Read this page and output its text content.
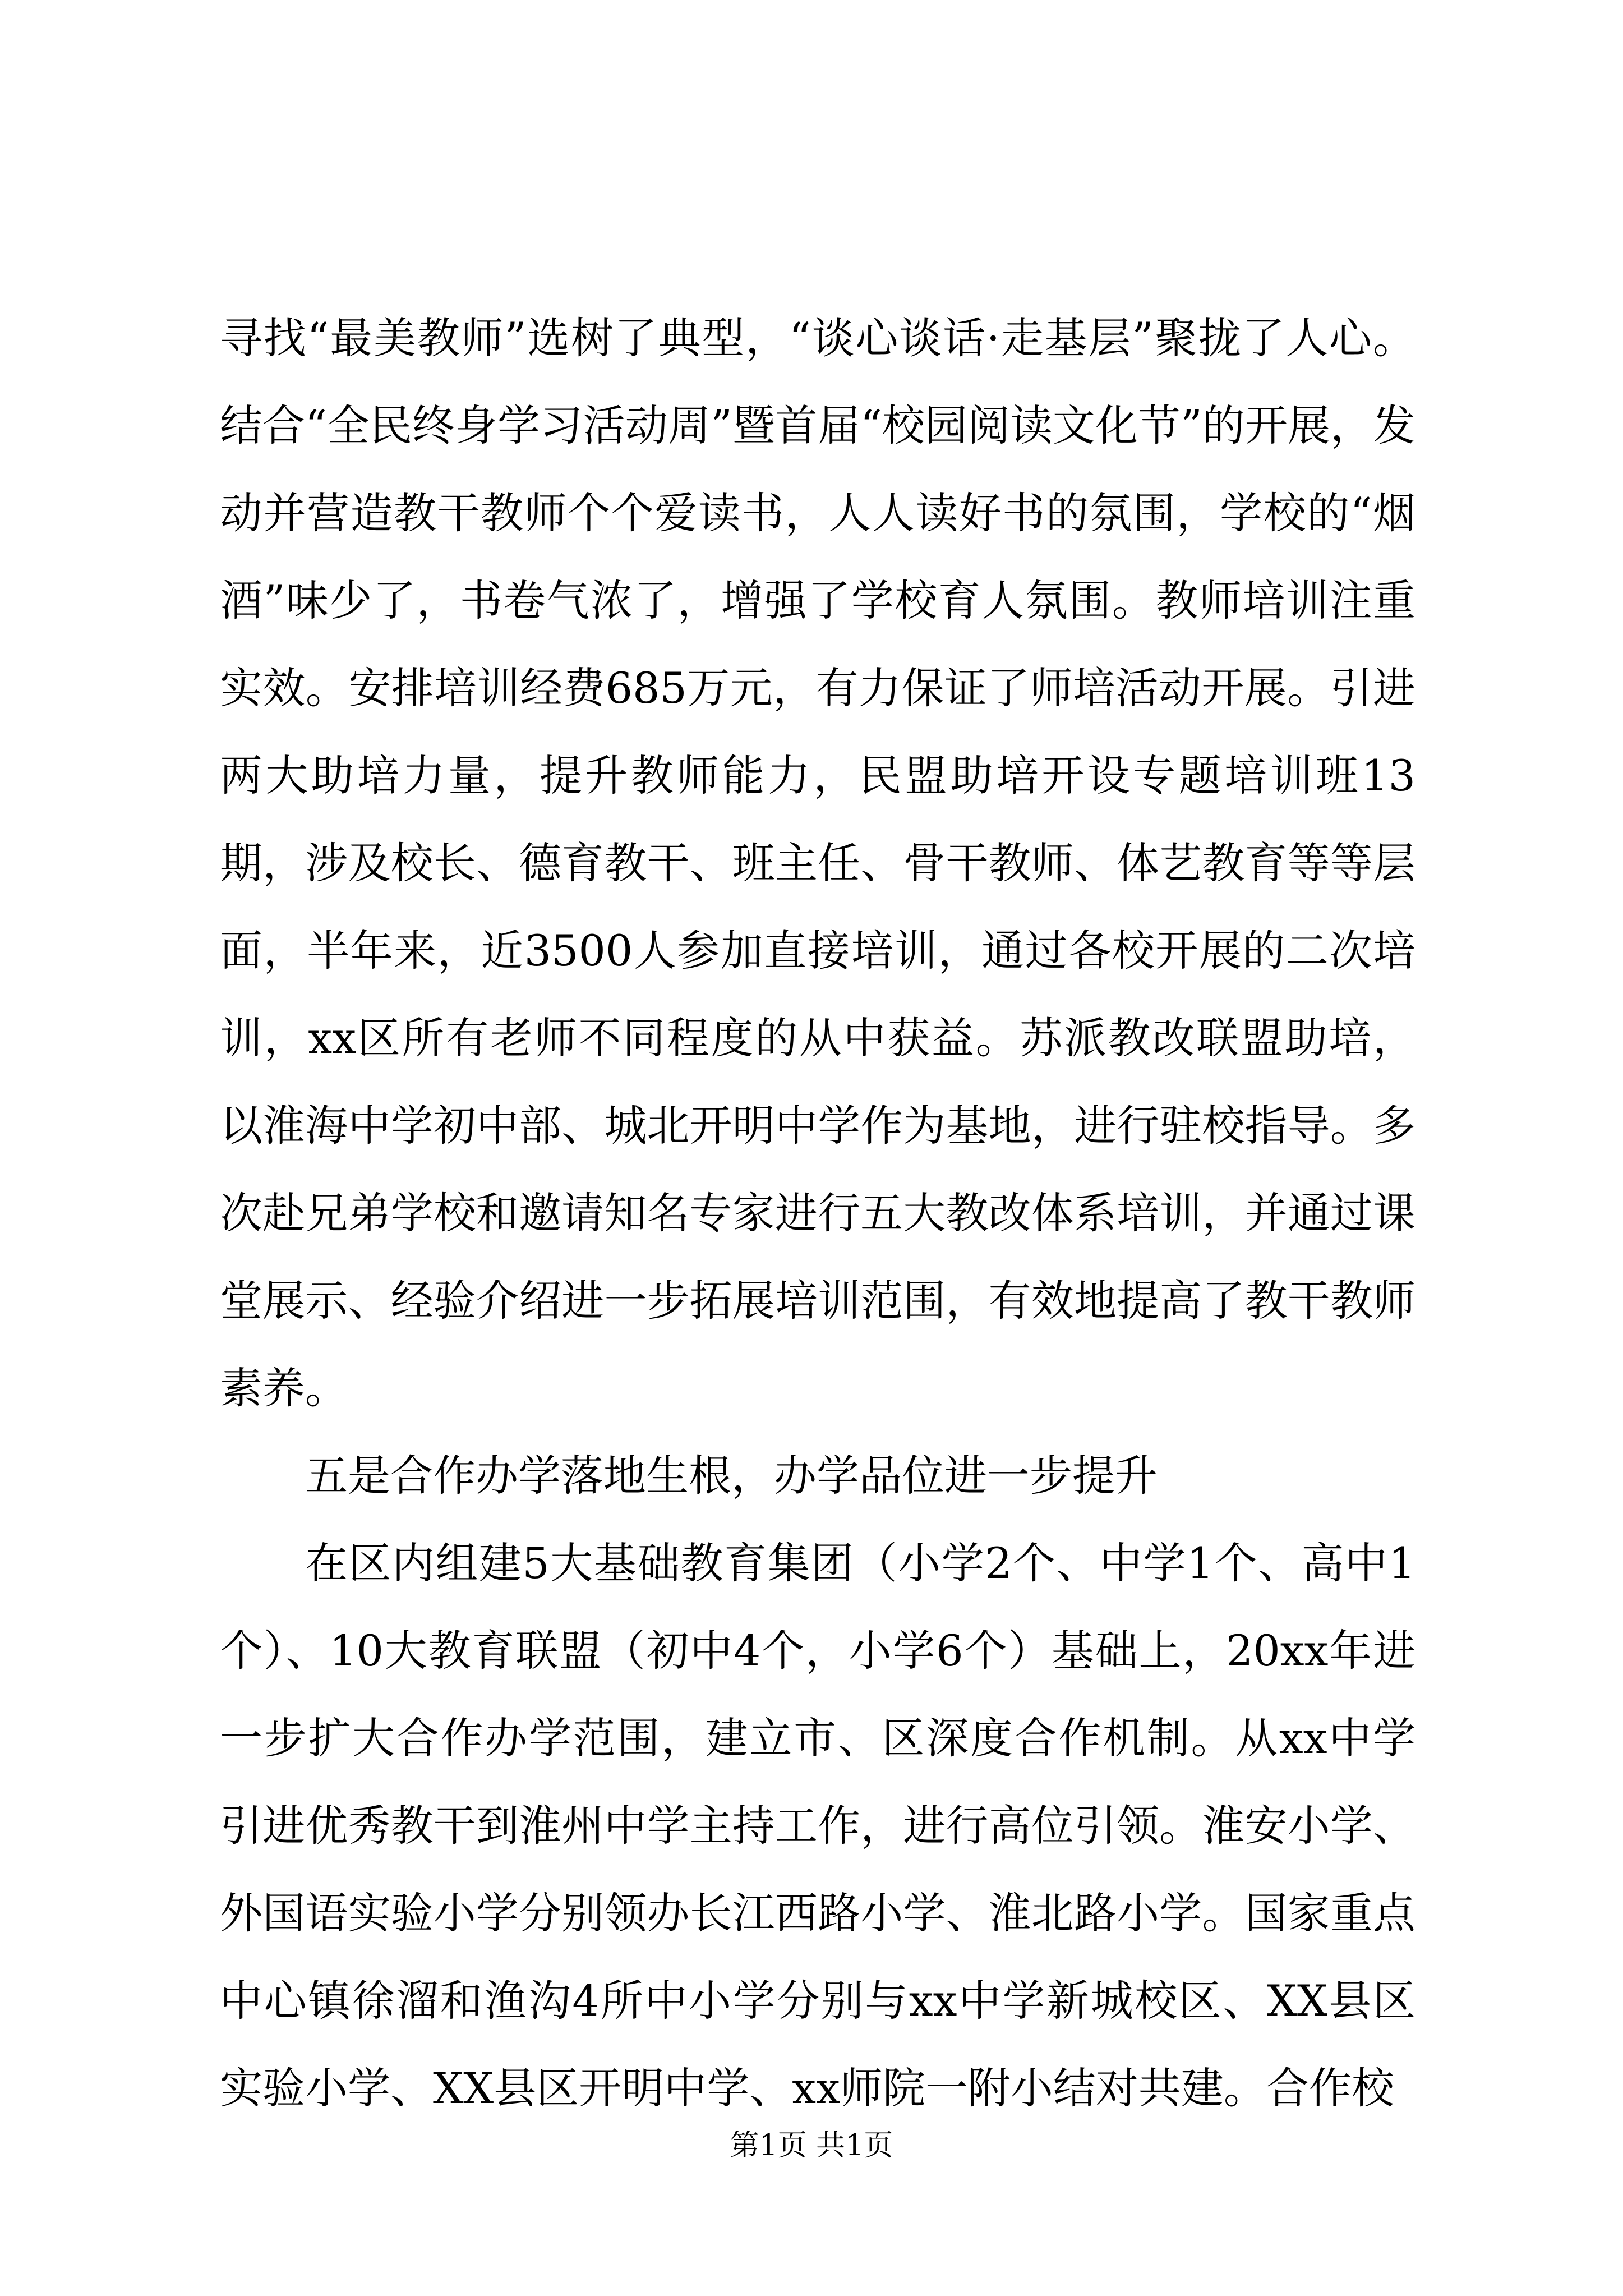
寻找“最美教师”选树了典型，“谈心谈话·走基层”聚拢了人心。结合“全民终身学习活动周”暨首届“校园阅读文化节”的开展，发动并营造教干教师个个爱读书，人人读好书的氛围，学校的“烟酒”味少了，书卷气浓了，增强了学校育人氛围。教师培训注重实效。安排培训经费685万元，有力保证了师培活动开展。引进两大助培力量，提升教师能力，民盟助培开设专题培训班13期，涉及校长、德育教干、班主任、骨干教师、体艺教育等等层面，半年来，近3500人参加直接培训，通过各校开展的二次培训，xx区所有老师不同程度的从中获益。苏派教改联盟助培，以淮海中学初中部、城北开明中学作为基地，进行驻校指导。多次赴兄弟学校和邀请知名专家进行五大教改体系培训，并通过课堂展示、经验介绍进一步拓展培训范围，有效地提高了教干教师素养。

五是合作办学落地生根，办学品位进一步提升

在区内组建5大基础教育集团（小学2个、中学1个、高中1个）、10大教育联盟（初中4个，小学6个）基础上，20xx年进一步扩大合作办学范围，建立市、区深度合作机制。从xx中学引进优秀教干到淮州中学主持工作，进行高位引领。淮安小学、外国语实验小学分别领办长江西路小学、淮北路小学。国家重点中心镇徐溜和渔沟4所中小学分别与xx中学新城校区、XX县区实验小学、XX县区开明中学、xx师院一附小结对共建。合作校

第1页 共1页
